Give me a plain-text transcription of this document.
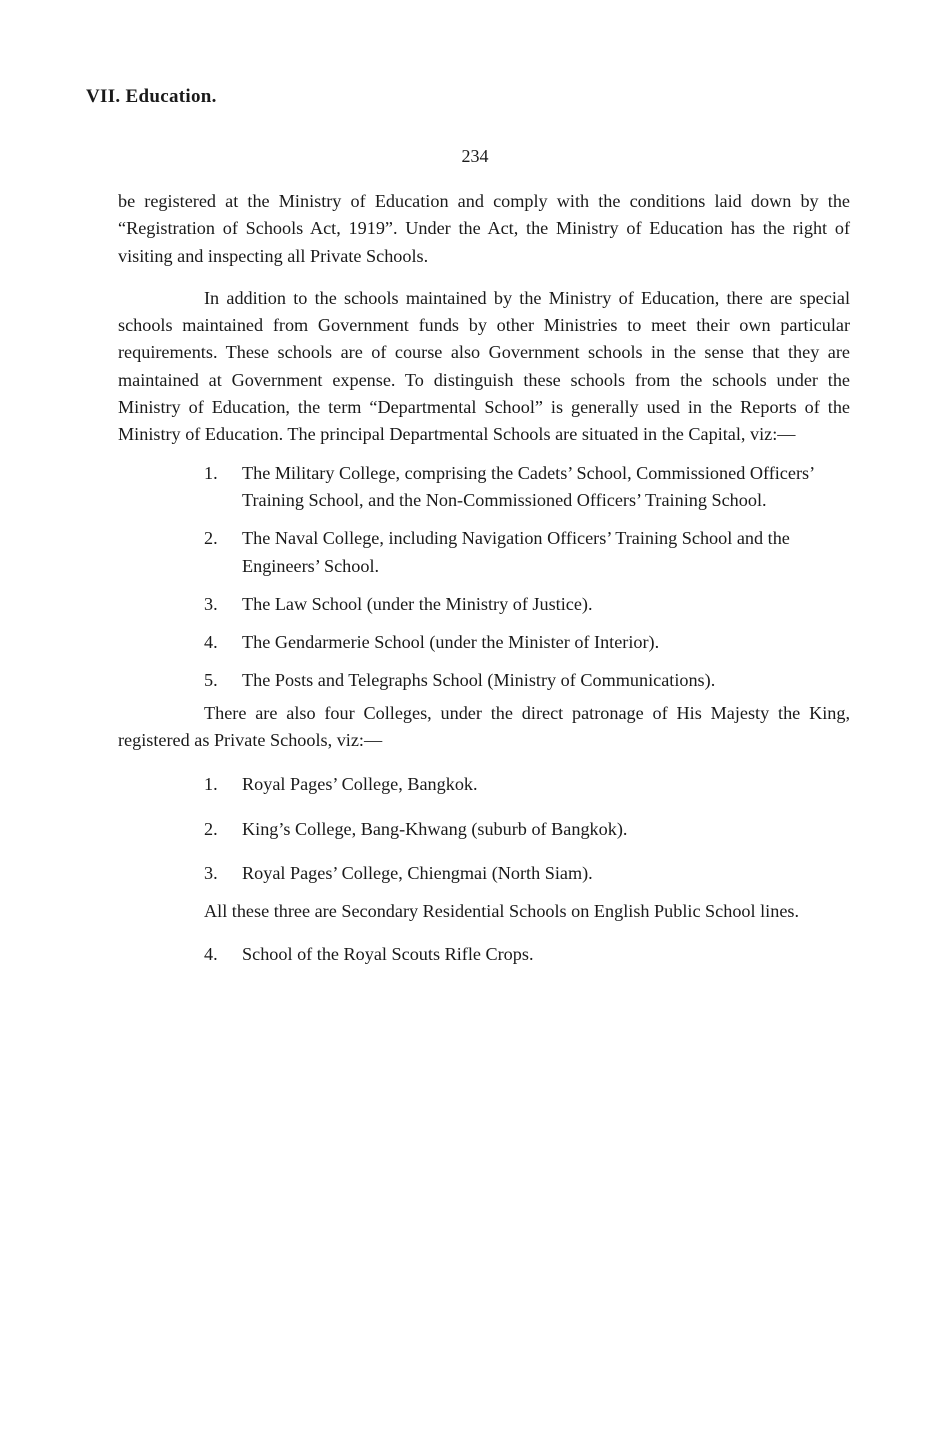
VII. Education.
234

be registered at the Ministry of Education and comply with the conditions laid down by the “Registration of Schools Act, 1919”. Under the Act, the Ministry of Education has the right of visiting and inspecting all Private Schools.

In addition to the schools maintained by the Ministry of Education, there are special schools maintained from Government funds by other Ministries to meet their own particular requirements. These schools are of course also Government schools in the sense that they are maintained at Government expense. To distinguish these schools from the schools under the Ministry of Education, the term “Departmental School” is generally used in the Reports of the Ministry of Education. The principal Departmental Schools are situated in the Capital, viz:—

1. The Military College, comprising the Cadets’ School, Commissioned Officers’ Training School, and the Non-Commissioned Officers’ Training School.
2. The Naval College, including Navigation Officers’ Training School and the Engineers’ School.
3. The Law School (under the Ministry of Justice).
4. The Gendarmerie School (under the Minister of Interior).
5. The Posts and Telegraphs School (Ministry of Communications).

There are also four Colleges, under the direct patronage of His Majesty the King, registered as Private Schools, viz:—

1. Royal Pages’ College, Bangkok.
2. King’s College, Bang-Khwang (suburb of Bangkok).
3. Royal Pages’ College, Chiengmai (North Siam).

All these three are Secondary Residential Schools on English Public School lines.

4. School of the Royal Scouts Rifle Crops.
